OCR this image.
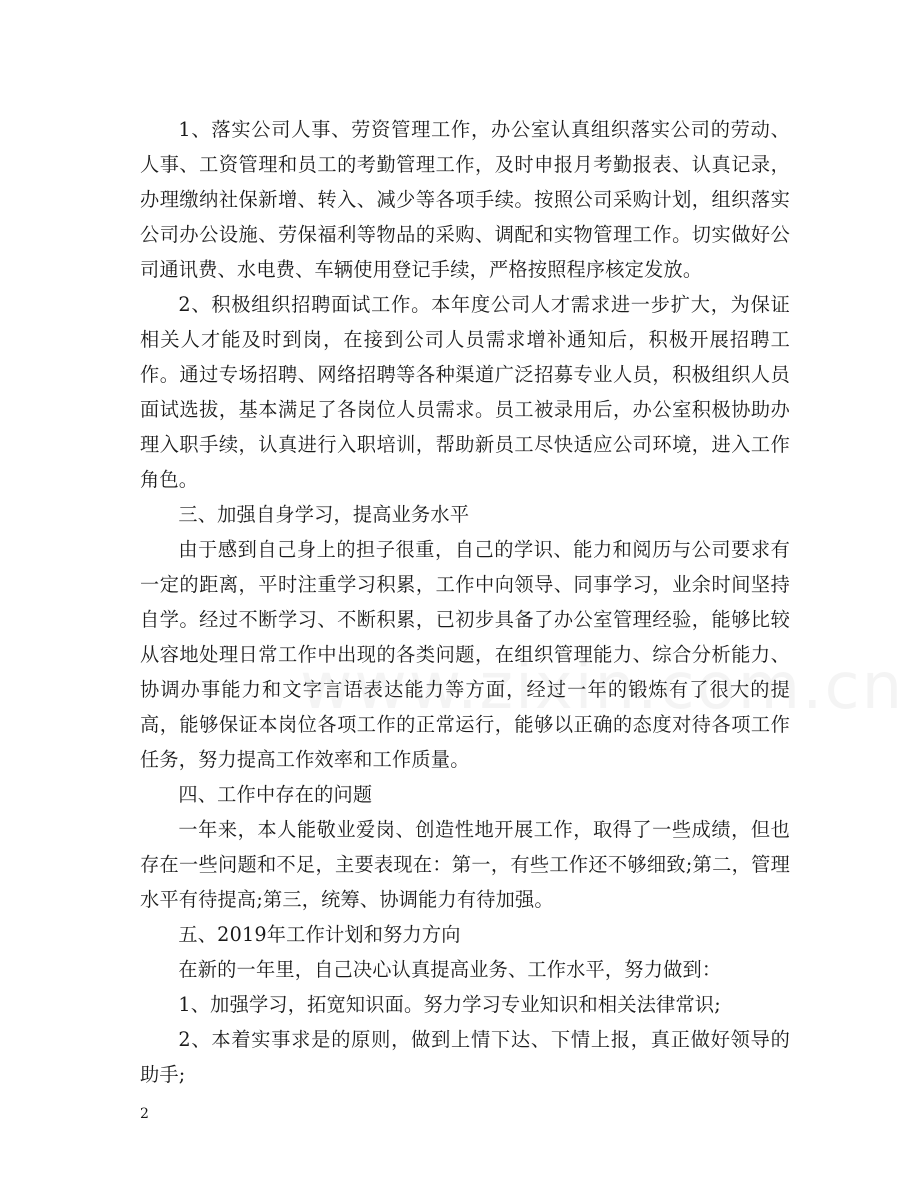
1、落实公司人事、劳资管理工作，办公室认真组织落实公司的劳动、人事、工资管理和员工的考勤管理工作，及时申报月考勤报表、认真记录，办理缴纳社保新增、转入、减少等各项手续。按照公司采购计划，组织落实公司办公设施、劳保福利等物品的采购、调配和实物管理工作。切实做好公司通讯费、水电费、车辆使用登记手续，严格按照程序核定发放。

2、积极组织招聘面试工作。本年度公司人才需求进一步扩大，为保证相关人才能及时到岗，在接到公司人员需求增补通知后，积极开展招聘工作。通过专场招聘、网络招聘等各种渠道广泛招募专业人员，积极组织人员面试选拔，基本满足了各岗位人员需求。员工被录用后，办公室积极协助办理入职手续，认真进行入职培训，帮助新员工尽快适应公司环境，进入工作角色。

三、加强自身学习，提高业务水平

由于感到自己身上的担子很重，自己的学识、能力和阅历与公司要求有一定的距离，平时注重学习积累，工作中向领导、同事学习，业余时间坚持自学。经过不断学习、不断积累，已初步具备了办公室管理经验，能够比较从容地处理日常工作中出现的各类问题，在组织管理能力、综合分析能力、协调办事能力和文字言语表达能力等方面，经过一年的锻炼有了很大的提高，能够保证本岗位各项工作的正常运行，能够以正确的态度对待各项工作任务，努力提高工作效率和工作质量。

四、工作中存在的问题

一年来，本人能敬业爱岗、创造性地开展工作，取得了一些成绩，但也存在一些问题和不足，主要表现在：第一，有些工作还不够细致;第二，管理水平有待提高;第三，统筹、协调能力有待加强。

五、2019年工作计划和努力方向

在新的一年里，自己决心认真提高业务、工作水平，努力做到：

1、加强学习，拓宽知识面。努力学习专业知识和相关法律常识;

2、本着实事求是的原则，做到上情下达、下情上报，真正做好领导的助手;

2
